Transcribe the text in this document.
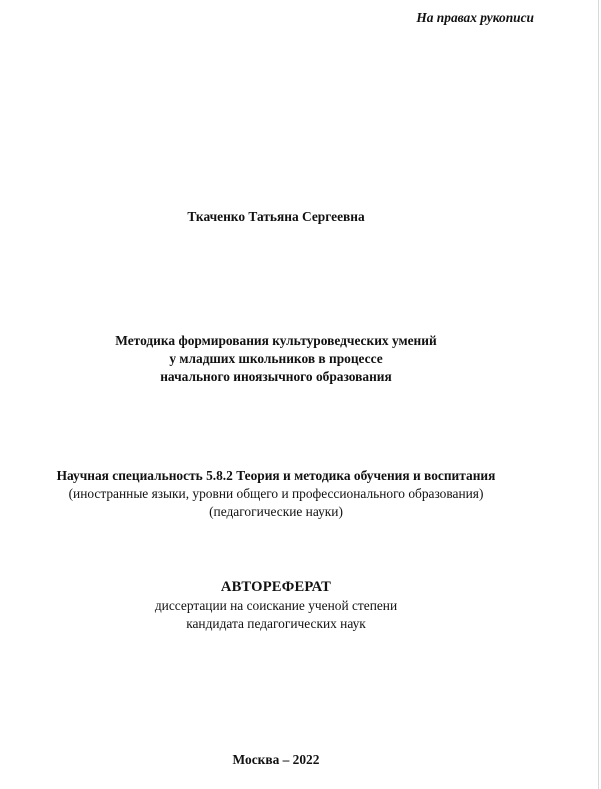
На правах рукописи
Ткаченко Татьяна Сергеевна
Методика формирования культуроведческих умений
у младших школьников в процессе
начального иноязычного образования
Научная специальность 5.8.2 Теория и методика обучения и воспитания
(иностранные языки, уровни общего и профессионального образования)
(педагогические науки)
АВТОРЕФЕРАТ
диссертации на соискание ученой степени
кандидата педагогических наук
Москва – 2022
